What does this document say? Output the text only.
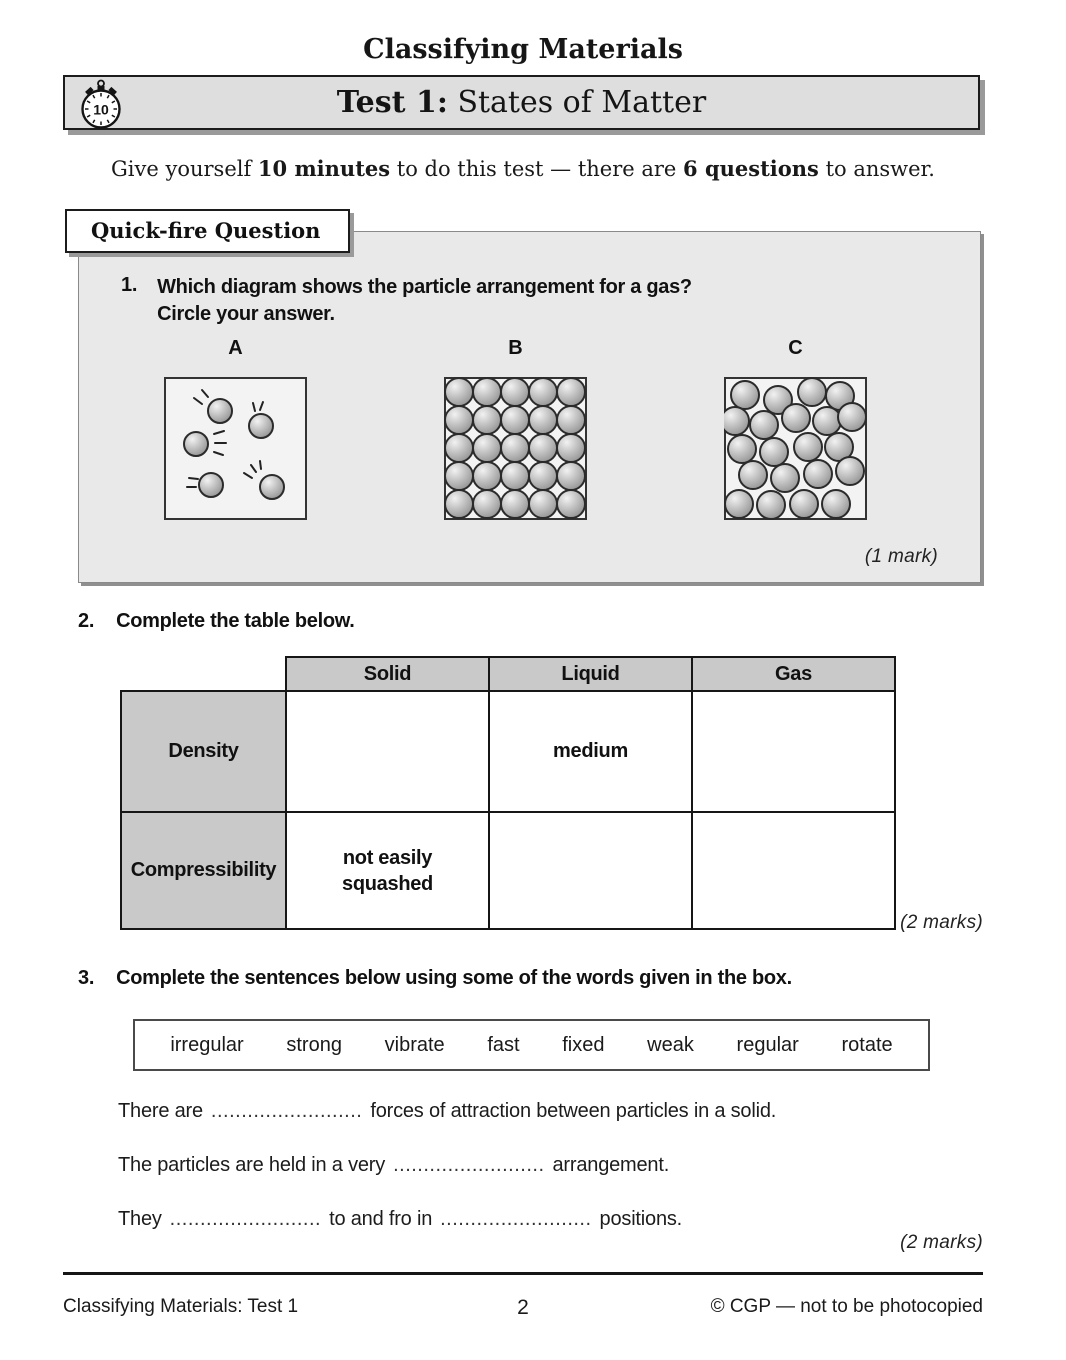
Classifying Materials
10	Test 1: States of Matter
Give yourself 10 minutes to do this test — there are 6 questions to answer.
Quick-fire Question
1. Which diagram shows the particle arrangement for a gas?
Circle your answer.
A	B	C
(1 mark)
2. Complete the table below.
	Solid	Liquid	Gas
Density		medium	
Compressibility	not easily squashed		

(2 marks)
3. Complete the sentences below using some of the words given in the box.
irregular strong vibrate fast fixed weak regular rotate
There are ......................... forces of attraction between particles in a solid.
The particles are held in a very ......................... arrangement.
They ......................... to and fro in ......................... positions.
(2 marks)
Classifying Materials: Test 1	2	© CGP — not to be photocopied
